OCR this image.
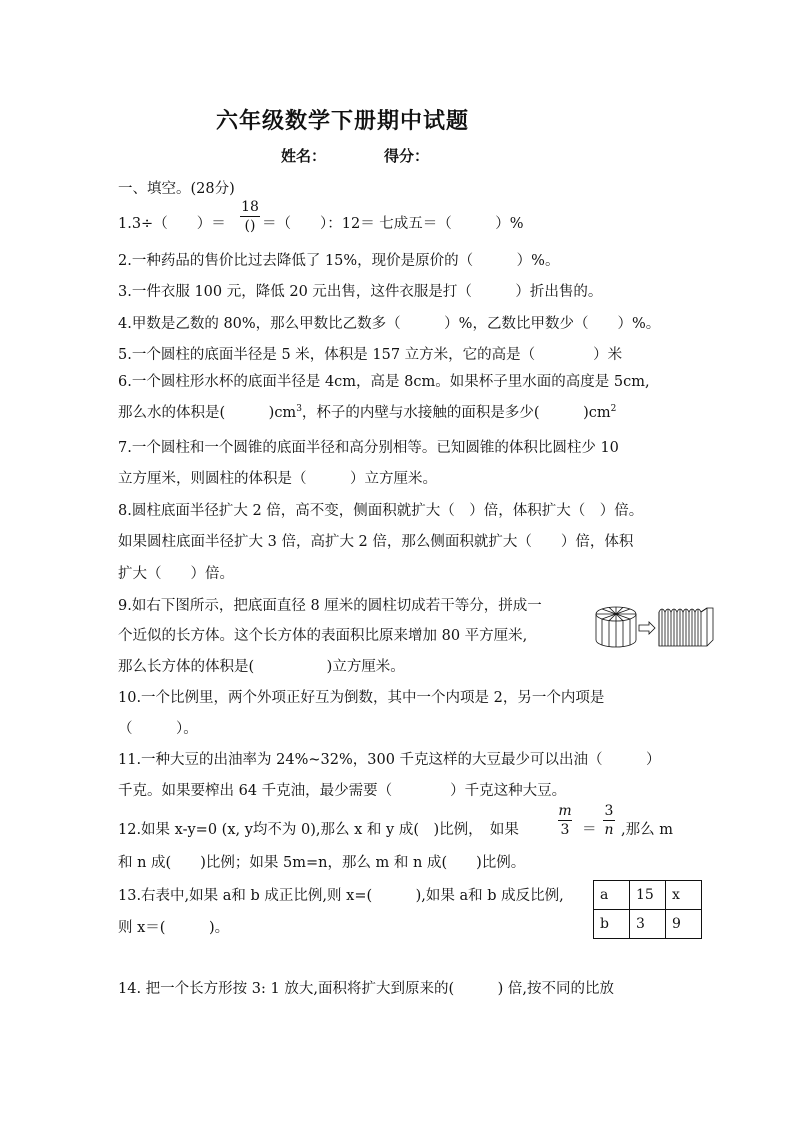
六年级数学下册期中试题
姓名：	得分：
一、填空。(28分)
1.3÷（　　）＝
18
() ＝（　　）：12＝ 七成五＝（　　　）%
2.一种药品的售价比过去降低了 15%，现价是原价的（　　　）%。
3.一件衣服 100 元，降低 20 元出售，这件衣服是打（　　　）折出售的。
4.甲数是乙数的 80%，那么甲数比乙数多（　　　）%，乙数比甲数少（　　）%。
5.一个圆柱的底面半径是 5 米，体积是 157 立方米，它的高是（　　　　）米
6.一个圆柱形水杯的底面半径是 4cm，高是 8cm。如果杯子里水面的高度是 5cm,
那么水的体积是(　　　)$cm^3$，杯子的内壁与水接触的面积是多少(　　　)$cm^2$
7.一个圆柱和一个圆锥的底面半径和高分别相等。已知圆锥的体积比圆柱少 10
立方厘米，则圆柱的体积是（　　　）立方厘米。
8.圆柱底面半径扩大 2 倍，高不变，侧面积就扩大（　）倍，体积扩大（　）倍。
如果圆柱底面半径扩大 3 倍，高扩大 2 倍，那么侧面积就扩大（　　）倍，体积
扩大（　　）倍。
9.如右下图所示，把底面直径 8 厘米的圆柱切成若干等分，拼成一
个近似的长方体。这个长方体的表面积比原来增加 80 平方厘米,
那么长方体的体积是(　　　　　)立方厘米。
10.一个比例里，两个外项正好互为倒数，其中一个内项是 2，另一个内项是
（　　　）。
11.一种大豆的出油率为 24%~32%，300 千克这样的大豆最少可以出油（　　　）
千克。如果要榨出 64 千克油，最少需要（　　　　）千克这种大豆。
12.如果 x-y=0 (x, y均不为 0),那么 x 和 y 成(　)比例，　如果
m
3 ＝
3
n ,那么 m
和 n 成(　　)比例；如果 5m=n，那么 m 和 n 成(　　)比例。
13.右表中,如果 a和 b 成正比例,则 x=(　　　),如果 a和 b 成反比例,
则 x＝(　　　)。
a	15	x
b	3	9
14. 把一个长方形按 3: 1 放大,面积将扩大到原来的(　　　) 倍,按不同的比放
